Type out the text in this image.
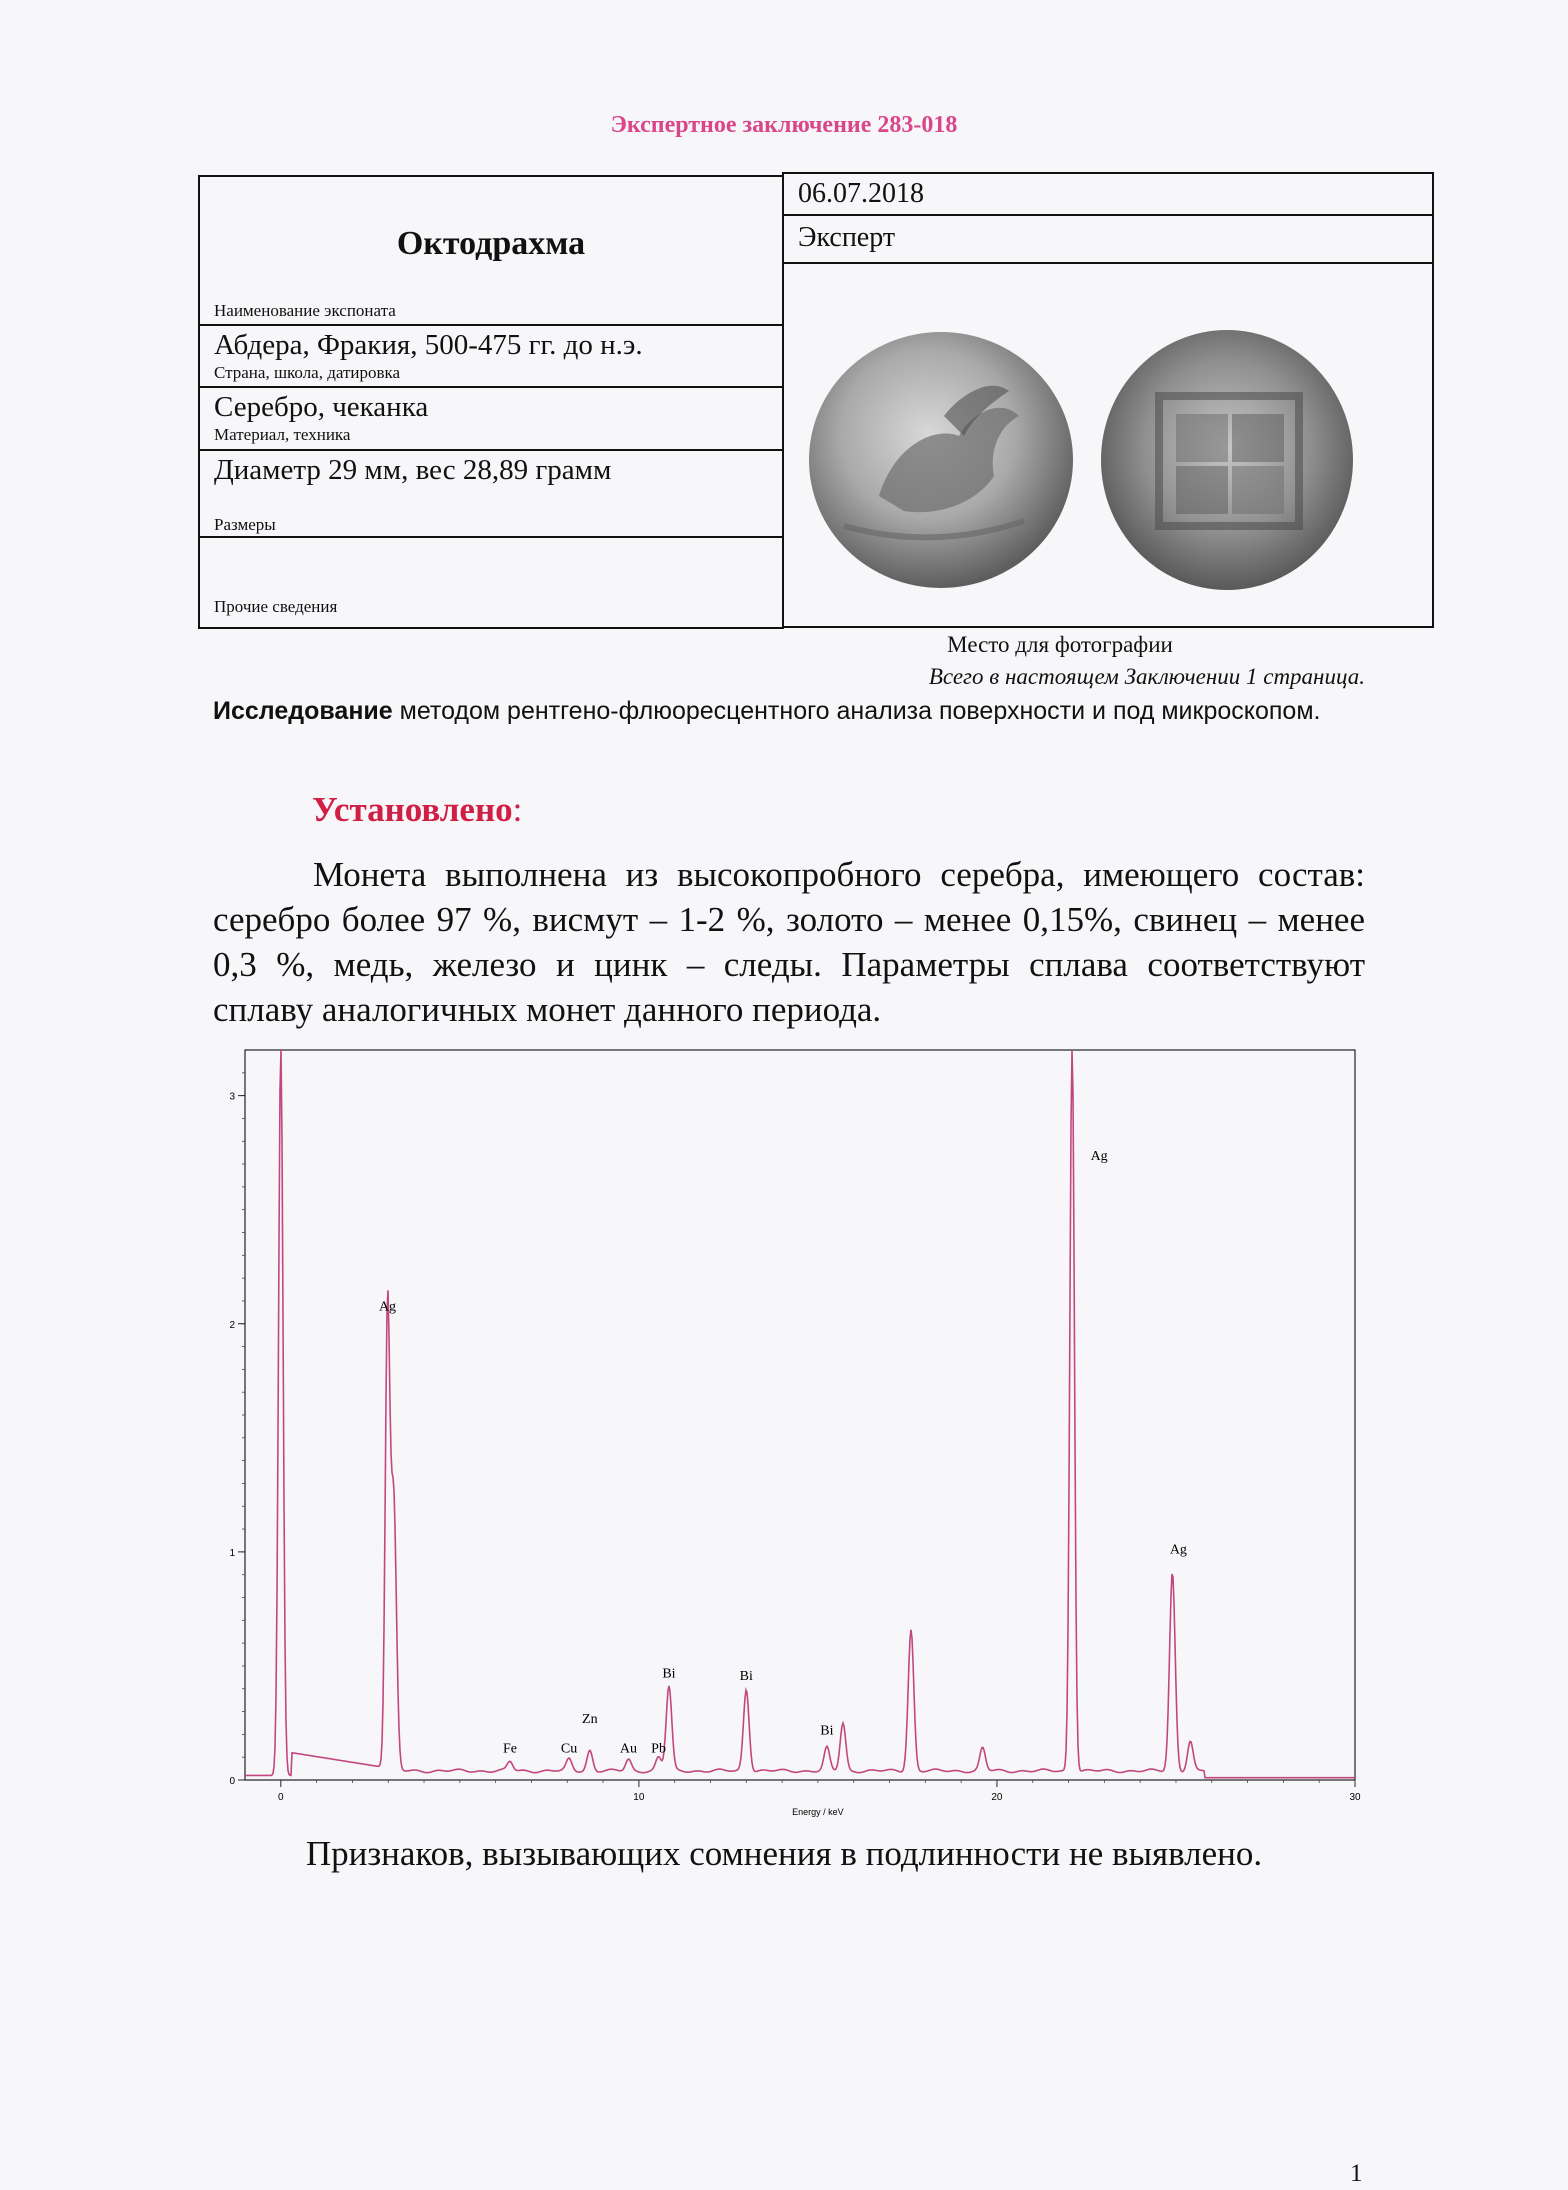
Экспертное заключение 283-018
Октодрахма
Наименование экспоната
Абдера, Фракия, 500-475 гг. до н.э.
Страна, школа, датировка
Серебро, чеканка
Материал, техника
Диаметр 29 мм, вес 28,89 грамм
Размеры
Прочие сведения
06.07.2018
Эксперт
Место для фотографии
Всего в настоящем Заключении 1 страница.
Исследование методом рентгено-флюоресцентного анализа поверхности и под микроскопом.
Установлено:
Монета выполнена из высокопробного серебра, имеющего состав: серебро более 97 %, висмут – 1-2 %, золото – менее 0,15%, свинец – менее 0,3 %, медь, железо и цинк – следы. Параметры сплава соответствуют сплаву аналогичных монет данного периода.
0
1
2
3
0	10	20	30
Energy / keV
Ag
Fe	Cu
Zn
Au Pb
Bi	Bi
Bi
Ag
Ag
Признаков, вызывающих сомнения в подлинности не выявлено.
1
